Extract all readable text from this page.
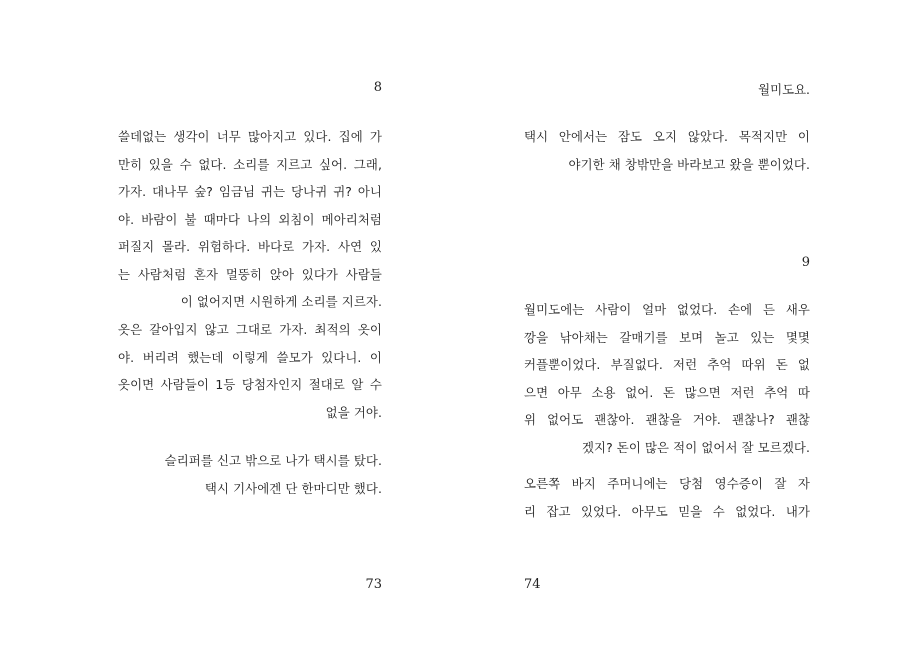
8
쓸데없는 생각이 너무 많아지고 있다. 집에 가
만히 있을 수 없다. 소리를 지르고 싶어. 그래,
가자. 대나무 숲? 임금님 귀는 당나귀 귀? 아니
야. 바람이 불 때마다 나의 외침이 메아리처럼
퍼질지 몰라. 위험하다. 바다로 가자. 사연 있
는 사람처럼 혼자 멀뚱히 앉아 있다가 사람들
이 없어지면 시원하게 소리를 지르자.
옷은 갈아입지 않고 그대로 가자. 최적의 옷이
야. 버리려 했는데 이렇게 쓸모가 있다니. 이
옷이면 사람들이 1등 당첨자인지 절대로 알 수
없을 거야.
슬리퍼를 신고 밖으로 나가 택시를 탔다.
택시 기사에겐 단 한마디만 했다.
73
월미도요.
택시 안에서는 잠도 오지 않았다. 목적지만 이
야기한 채 창밖만을 바라보고 왔을 뿐이었다.
9
월미도에는 사람이 얼마 없었다. 손에 든 새우
깡을 낚아채는 갈매기를 보며 놀고 있는 몇몇
커플뿐이었다. 부질없다. 저런 추억 따위 돈 없
으면 아무 소용 없어. 돈 많으면 저런 추억 따
위 없어도 괜찮아. 괜찮을 거야. 괜찮나? 괜찮
겠지? 돈이 많은 적이 없어서 잘 모르겠다.
오른쪽 바지 주머니에는 당첨 영수증이 잘 자
리 잡고 있었다. 아무도 믿을 수 없었다. 내가
74
